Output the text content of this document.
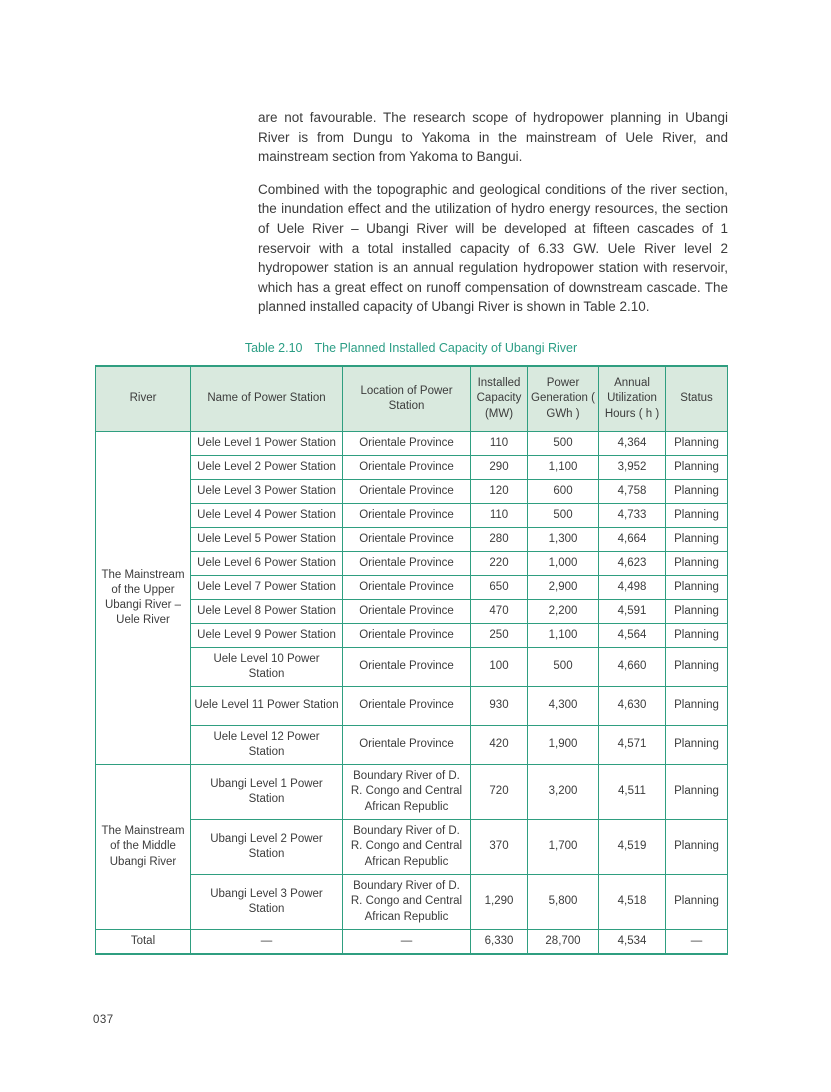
are not favourable. The research scope of hydropower planning in Ubangi River is from Dungu to Yakoma in the mainstream of Uele River, and mainstream section from Yakoma to Bangui.

Combined with the topographic and geological conditions of the river section, the inundation effect and the utilization of hydro energy resources, the section of Uele River – Ubangi River will be developed at fifteen cascades of 1 reservoir with a total installed capacity of 6.33 GW. Uele River level 2 hydropower station is an annual regulation hydropower station with reservoir, which has a great effect on runoff compensation of downstream cascade. The planned installed capacity of Ubangi River is shown in Table 2.10.

Table 2.10 The Planned Installed Capacity of Ubangi River
River	Name of Power Station	Location of Power Station	Installed Capacity (MW)	Power Generation ( GWh )	Annual Utilization Hours ( h )	Status
The Mainstream of the Upper Ubangi River – Uele River	Uele Level 1 Power Station	Orientale Province	110	500	4,364	Planning
	Uele Level 2 Power Station	Orientale Province	290	1,100	3,952	Planning
	Uele Level 3 Power Station	Orientale Province	120	600	4,758	Planning
	Uele Level 4 Power Station	Orientale Province	110	500	4,733	Planning
	Uele Level 5 Power Station	Orientale Province	280	1,300	4,664	Planning
	Uele Level 6 Power Station	Orientale Province	220	1,000	4,623	Planning
	Uele Level 7 Power Station	Orientale Province	650	2,900	4,498	Planning
	Uele Level 8 Power Station	Orientale Province	470	2,200	4,591	Planning
	Uele Level 9 Power Station	Orientale Province	250	1,100	4,564	Planning
	Uele Level 10 Power Station	Orientale Province	100	500	4,660	Planning
	Uele Level 11 Power Station	Orientale Province	930	4,300	4,630	Planning
	Uele Level 12 Power Station	Orientale Province	420	1,900	4,571	Planning
The Mainstream of the Middle Ubangi River	Ubangi Level 1 Power Station	Boundary River of D. R. Congo and Central African Republic	720	3,200	4,511	Planning
	Ubangi Level 2 Power Station	Boundary River of D. R. Congo and Central African Republic	370	1,700	4,519	Planning
	Ubangi Level 3 Power Station	Boundary River of D. R. Congo and Central African Republic	1,290	5,800	4,518	Planning
Total	—	—	6,330	28,700	4,534	—
037
